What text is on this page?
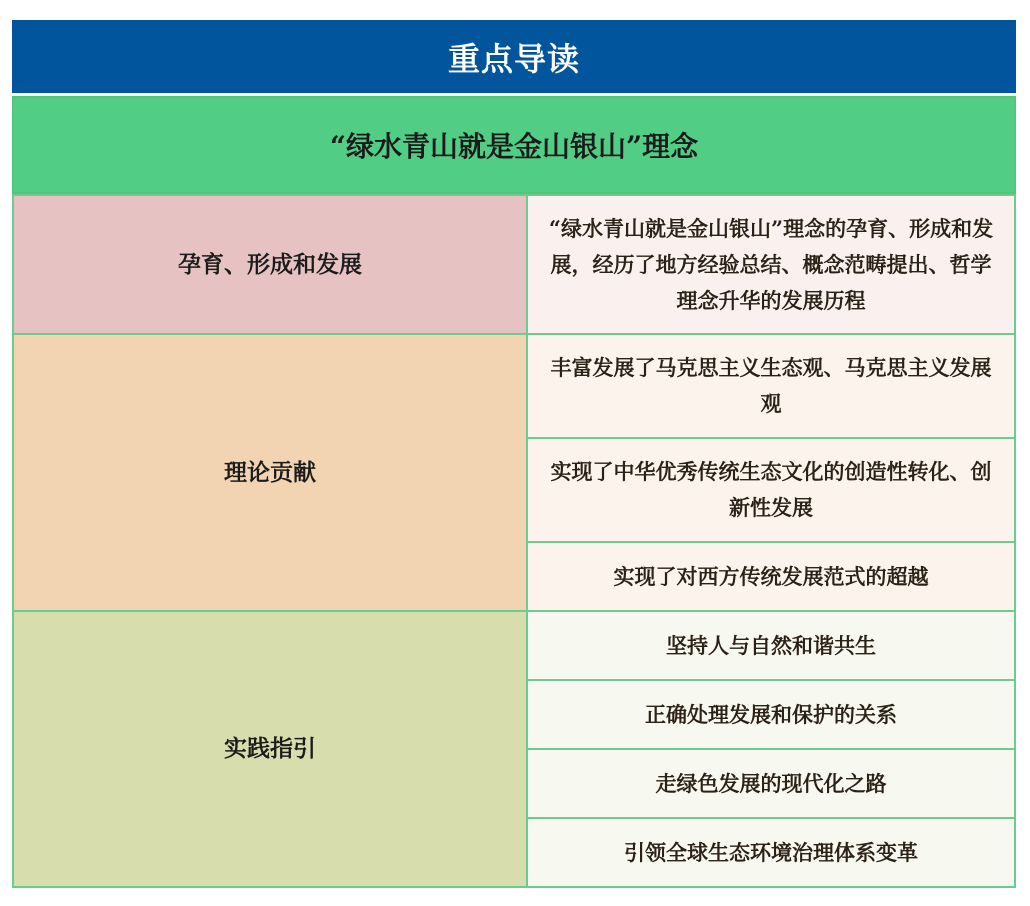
重点导读
“绿水青山就是金山银山”理念
孕育、形成和发展	“绿水青山就是金山银山”理念的孕育、形成和发展，经历了地方经验总结、概念范畴提出、哲学理念升华的发展历程
理论贡献	丰富发展了马克思主义生态观、马克思主义发展观
	实现了中华优秀传统生态文化的创造性转化、创新性发展
	实现了对西方传统发展范式的超越
实践指引	坚持人与自然和谐共生
	正确处理发展和保护的关系
	走绿色发展的现代化之路
	引领全球生态环境治理体系变革
